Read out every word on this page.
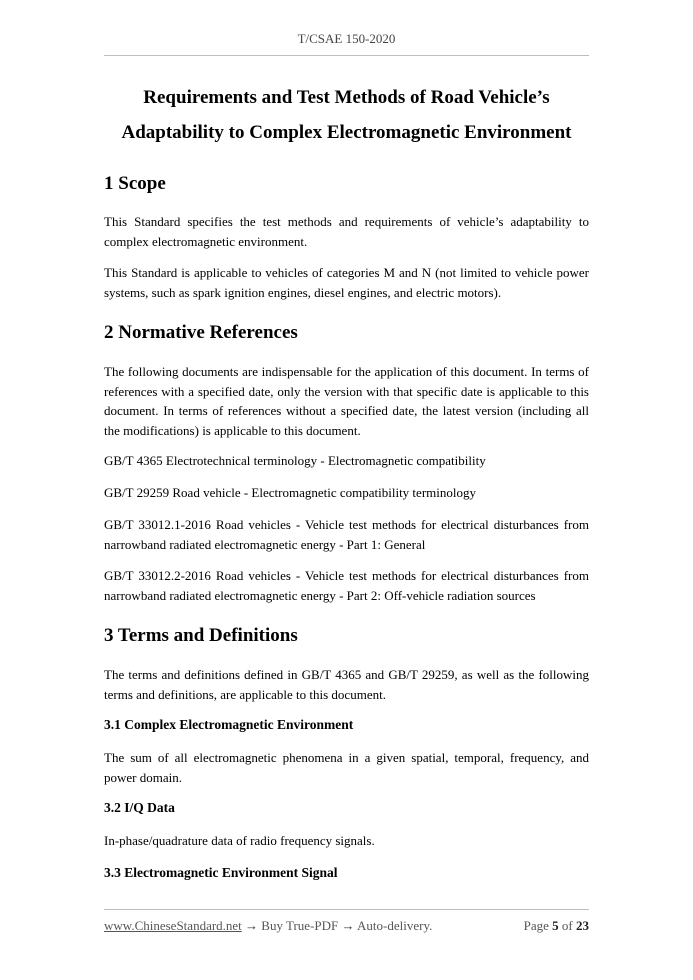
T/CSAE 150-2020
Requirements and Test Methods of Road Vehicle’s
Adaptability to Complex Electromagnetic Environment
1 Scope

This Standard specifies the test methods and requirements of vehicle’s adaptability to complex electromagnetic environment.

This Standard is applicable to vehicles of categories M and N (not limited to vehicle power systems, such as spark ignition engines, diesel engines, and electric motors).

2 Normative References

The following documents are indispensable for the application of this document. In terms of references with a specified date, only the version with that specific date is applicable to this document. In terms of references without a specified date, the latest version (including all the modifications) is applicable to this document.

GB/T 4365 Electrotechnical terminology - Electromagnetic compatibility

GB/T 29259 Road vehicle - Electromagnetic compatibility terminology

GB/T 33012.1-2016 Road vehicles - Vehicle test methods for electrical disturbances from narrowband radiated electromagnetic energy - Part 1: General

GB/T 33012.2-2016 Road vehicles - Vehicle test methods for electrical disturbances from narrowband radiated electromagnetic energy - Part 2: Off-vehicle radiation sources

3 Terms and Definitions

The terms and definitions defined in GB/T 4365 and GB/T 29259, as well as the following terms and definitions, are applicable to this document.

3.1 Complex Electromagnetic Environment

The sum of all electromagnetic phenomena in a given spatial, temporal, frequency, and power domain.

3.2 I/Q Data

In-phase/quadrature data of radio frequency signals.

3.3 Electromagnetic Environment Signal
www.ChineseStandard.net → Buy True-PDF → Auto-delivery.	Page 5 of 23
